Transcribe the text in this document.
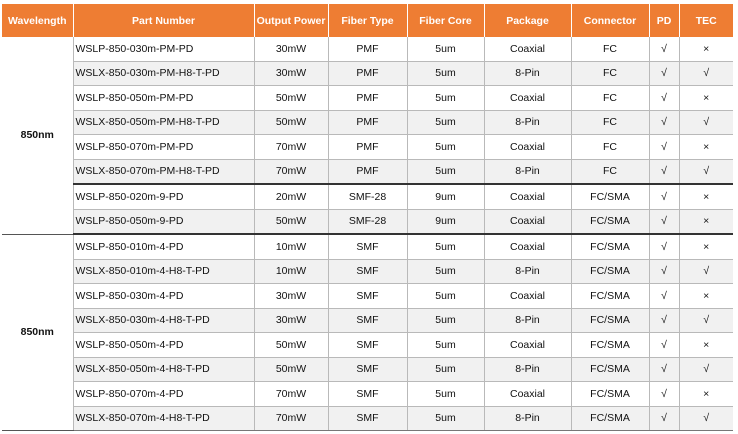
Wavelength	Part Number	Output Power	Fiber Type	Fiber Core	Package	Connector	PD	TEC
850nm	WSLP-850-030m-PM-PD	30mW	PMF	5um	Coaxial	FC	√	×
	WSLX-850-030m-PM-H8-T-PD	30mW	PMF	5um	8-Pin	FC	√	√
	WSLP-850-050m-PM-PD	50mW	PMF	5um	Coaxial	FC	√	×
	WSLX-850-050m-PM-H8-T-PD	50mW	PMF	5um	8-Pin	FC	√	√
	WSLP-850-070m-PM-PD	70mW	PMF	5um	Coaxial	FC	√	×
	WSLX-850-070m-PM-H8-T-PD	70mW	PMF	5um	8-Pin	FC	√	√
	WSLP-850-020m-9-PD	20mW	SMF-28	9um	Coaxial	FC/SMA	√	×
	WSLP-850-050m-9-PD	50mW	SMF-28	9um	Coaxial	FC/SMA	√	×
850nm	WSLP-850-010m-4-PD	10mW	SMF	5um	Coaxial	FC/SMA	√	×
	WSLX-850-010m-4-H8-T-PD	10mW	SMF	5um	8-Pin	FC/SMA	√	√
	WSLP-850-030m-4-PD	30mW	SMF	5um	Coaxial	FC/SMA	√	×
	WSLX-850-030m-4-H8-T-PD	30mW	SMF	5um	8-Pin	FC/SMA	√	√
	WSLP-850-050m-4-PD	50mW	SMF	5um	Coaxial	FC/SMA	√	×
	WSLX-850-050m-4-H8-T-PD	50mW	SMF	5um	8-Pin	FC/SMA	√	√
	WSLP-850-070m-4-PD	70mW	SMF	5um	Coaxial	FC/SMA	√	×
	WSLX-850-070m-4-H8-T-PD	70mW	SMF	5um	8-Pin	FC/SMA	√	√
